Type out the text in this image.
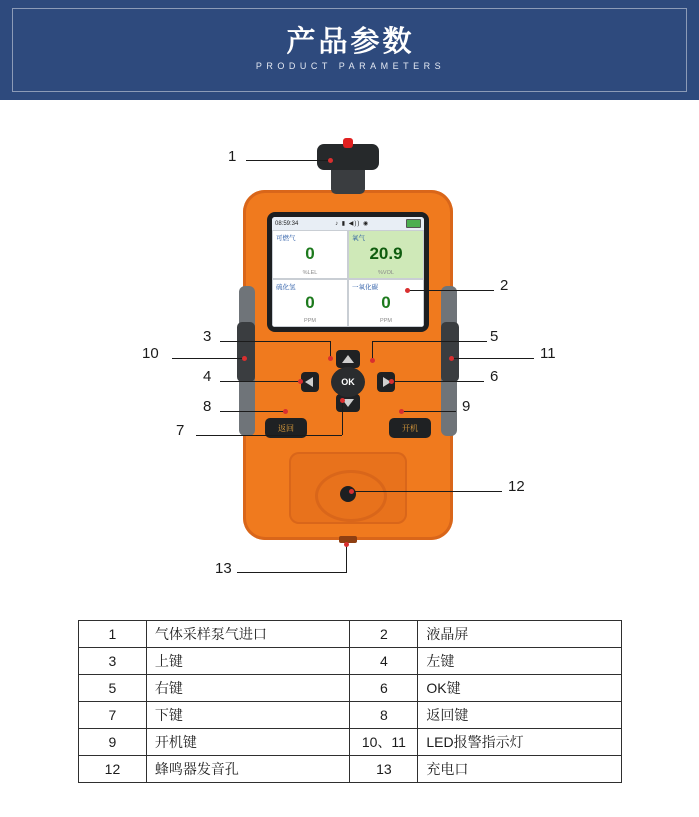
产品参数
PRODUCT PARAMETERS
08:59:34	♪ ▮ ◀)) ◉
可燃气
0
%LEL
氧气
20.9
%VOL
硫化氢
0
PPM
一氧化碳
0
PPM
OK
返回	开机
1
2
3
10
5
11
4	6
8	9
7
12
13
1	气体采样泵气进口	2	液晶屏
3	上键	4	左键
5	右键	6	OK键
7	下键	8	返回键
9	开机键	10、11	LED报警指示灯
12	蜂鸣器发音孔	13	充电口
